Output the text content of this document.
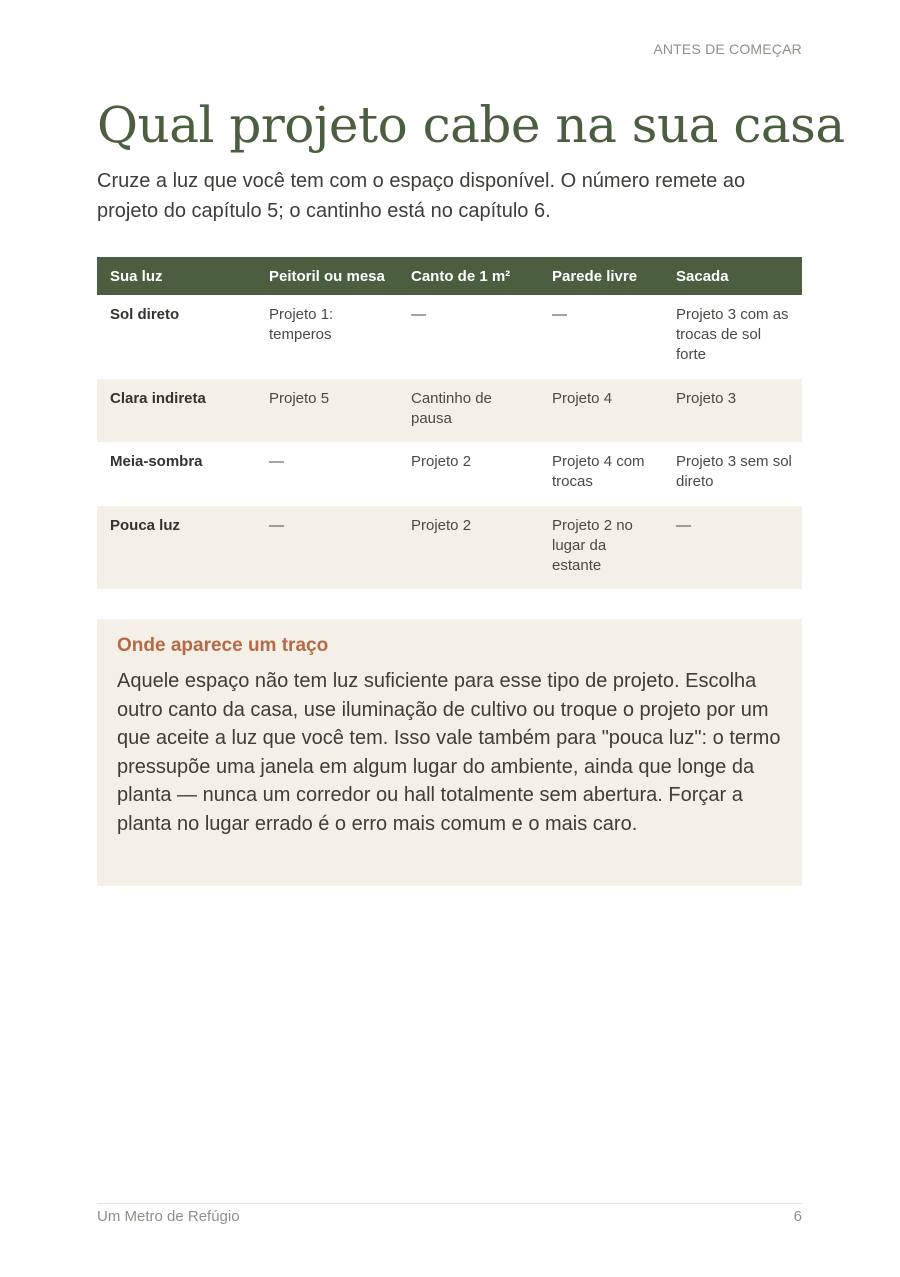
ANTES DE COMEÇAR
Qual projeto cabe na sua casa

Cruze a luz que você tem com o espaço disponível. O número remete ao projeto do capítulo 5; o cantinho está no capítulo 6.

Sua luz	Peitoril ou mesa	Canto de 1 m²	Parede livre	Sacada
Sol direto	Projeto 1: temperos	—	—	Projeto 3 com as trocas de sol forte
Clara indireta	Projeto 5	Cantinho de pausa	Projeto 4	Projeto 3
Meia-sombra	—	Projeto 2	Projeto 4 com trocas	Projeto 3 sem sol direto
Pouca luz	—	Projeto 2	Projeto 2 no lugar da estante	—
Onde aparece um traço

Aquele espaço não tem luz suficiente para esse tipo de projeto. Escolha outro canto da casa, use iluminação de cultivo ou troque o projeto por um que aceite a luz que você tem. Isso vale também para "pouca luz": o termo pressupõe uma janela em algum lugar do ambiente, ainda que longe da planta — nunca um corredor ou hall totalmente sem abertura. Forçar a planta no lugar errado é o erro mais comum e o mais caro.

Um Metro de Refúgio	6
